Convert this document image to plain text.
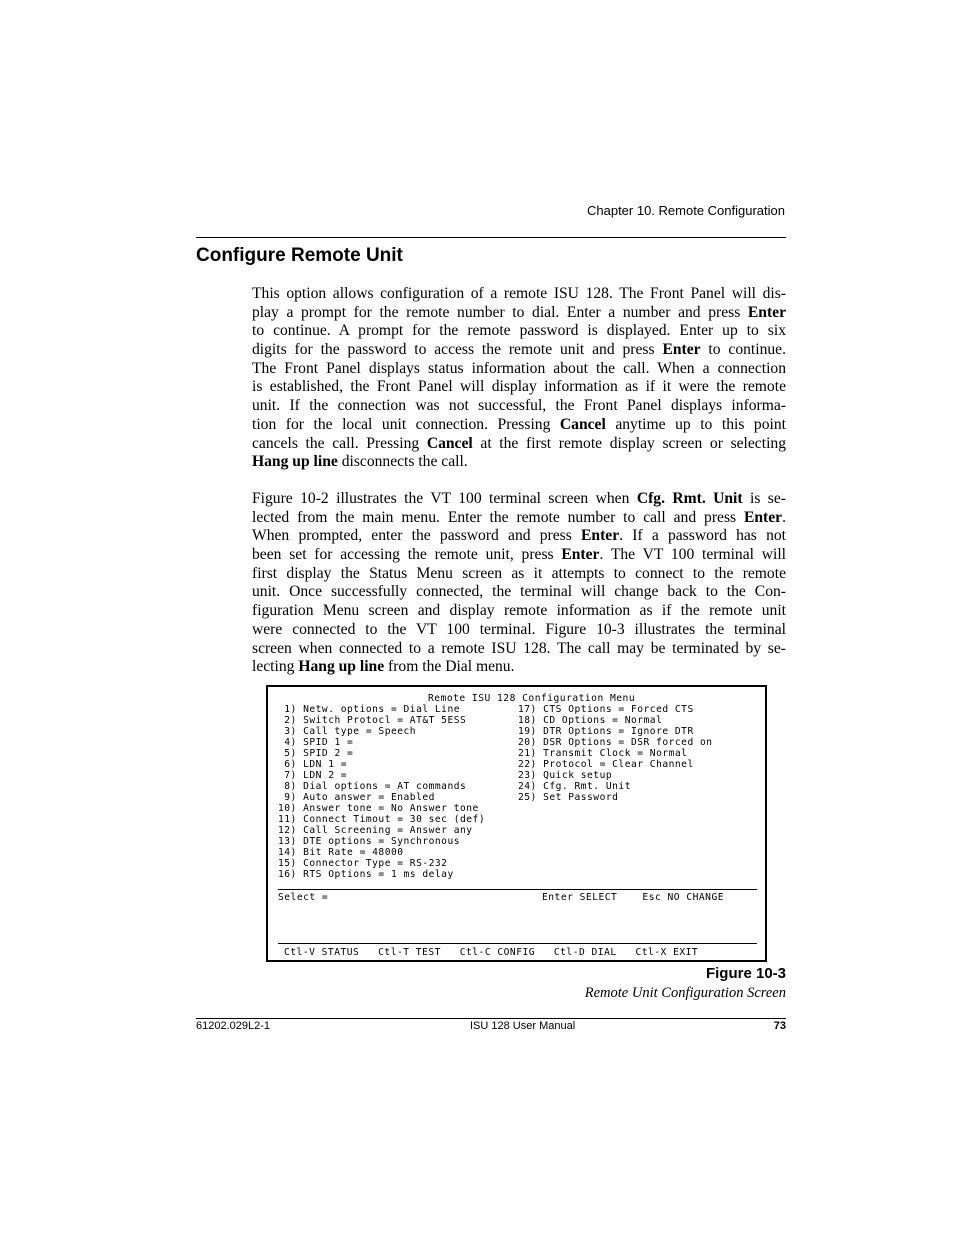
Chapter 10. Remote Configuration
Configure Remote Unit
This option allows configuration of a remote ISU 128. The Front Panel will dis-
play a prompt for the remote number to dial. Enter a number and press Enter
to continue. A prompt for the remote password is displayed. Enter up to six
digits for the password to access the remote unit and press Enter to continue.
The Front Panel displays status information about the call. When a connection
is established, the Front Panel will display information as if it were the remote
unit. If the connection was not successful, the Front Panel displays informa-
tion for the local unit connection. Pressing Cancel anytime up to this point
cancels the call. Pressing Cancel at the first remote display screen or selecting
Hang up line disconnects the call.
Figure 10-2 illustrates the VT 100 terminal screen when Cfg. Rmt. Unit is se-
lected from the main menu. Enter the remote number to call and press Enter.
When prompted, enter the password and press Enter. If a password has not
been set for accessing the remote unit, press Enter. The VT 100 terminal will
first display the Status Menu screen as it attempts to connect to the remote
unit. Once successfully connected, the terminal will change back to the Con-
figuration Menu screen and display remote information as if the remote unit
were connected to the VT 100 terminal. Figure 10-3 illustrates the terminal
screen when connected to a remote ISU 128. The call may be terminated by se-
lecting Hang up line from the Dial menu.
Remote ISU 128 Configuration Menu
1) Netw. options = Dial Line
2) Switch Protocl = AT&T 5ESS
3) Call type = Speech
4) SPID 1 =
5) SPID 2 =
6) LDN 1 =
7) LDN 2 =
8) Dial options = AT commands
9) Auto answer = Enabled
10) Answer tone = No Answer tone
11) Connect Timout = 30 sec (def)
12) Call Screening = Answer any
13) DTE options = Synchronous
14) Bit Rate = 48000
15) Connector Type = RS-232
16) RTS Options = 1 ms delay
17) CTS Options = Forced CTS
18) CD Options = Normal
19) DTR Options = Ignore DTR
20) DSR Options = DSR forced on
21) Transmit Clock = Normal
22) Protocol = Clear Channel
23) Quick setup
24) Cfg. Rmt. Unit
25) Set Password
Select =	Enter SELECT    Esc NO CHANGE
Ctl-V STATUS   Ctl-T TEST   Ctl-C CONFIG   Ctl-D DIAL   Ctl-X EXIT
Figure 10-3
Remote Unit Configuration Screen
61202.029L2-1	ISU 128 User Manual	73
